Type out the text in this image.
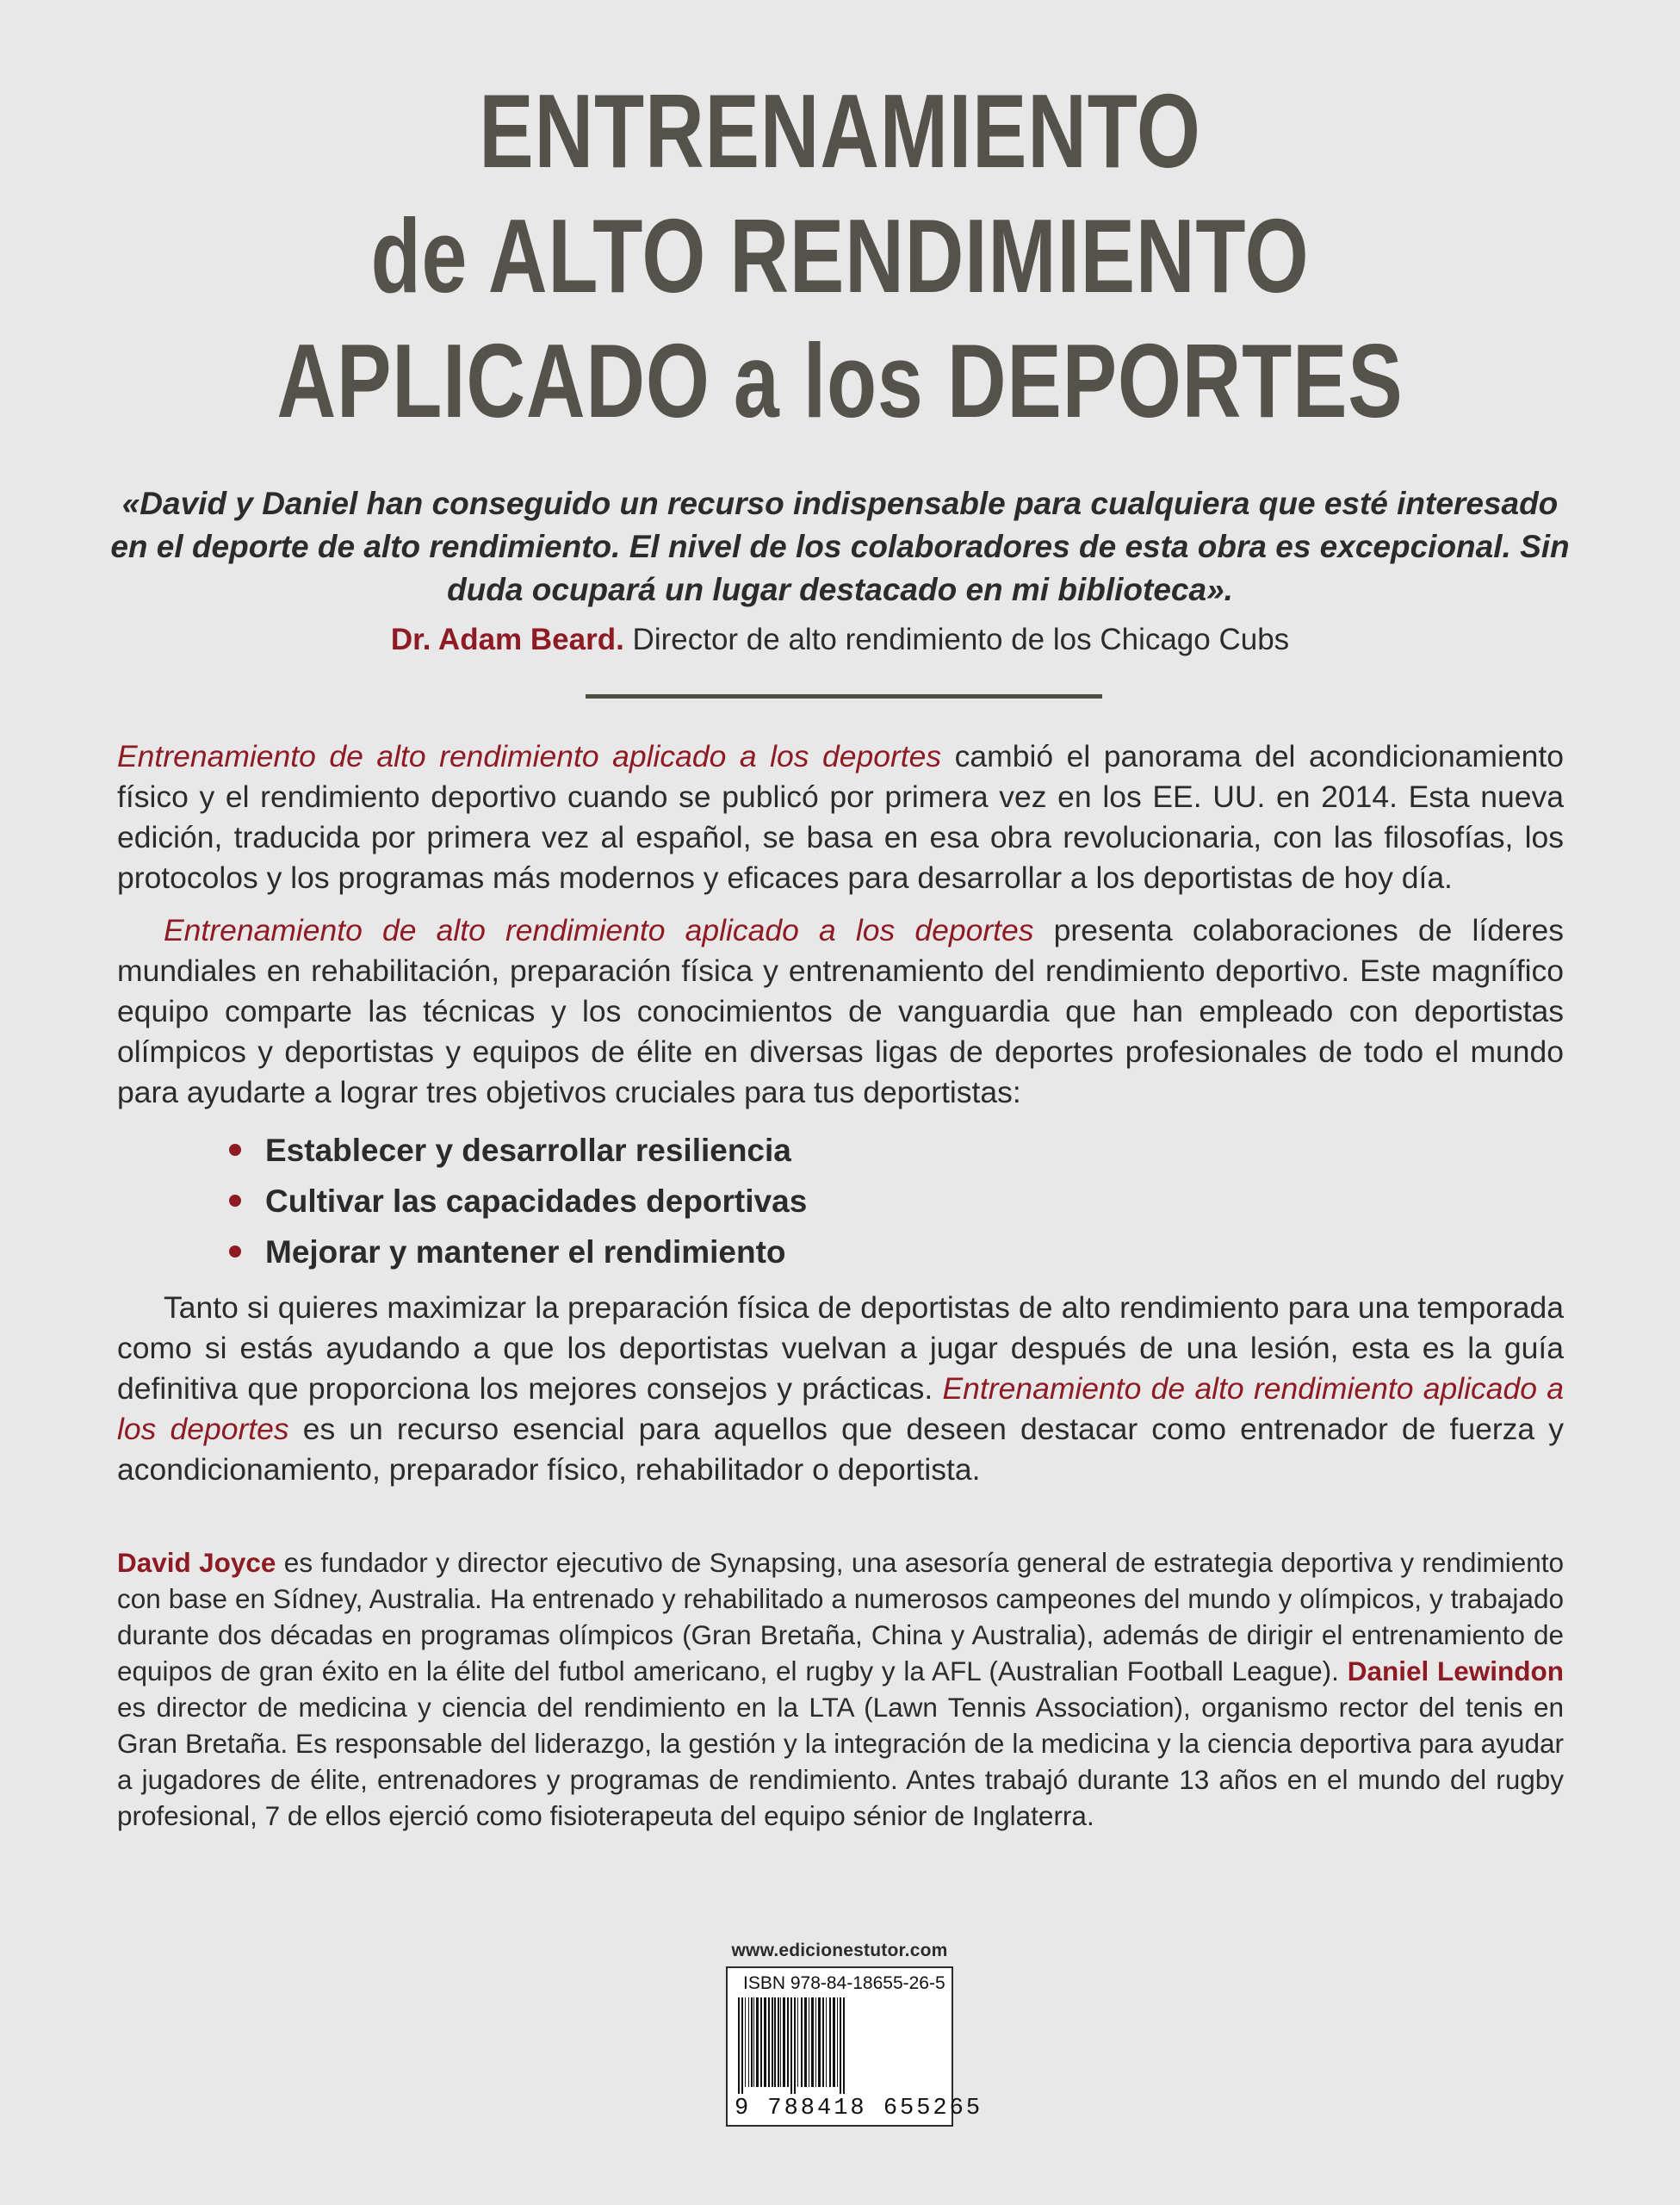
ENTRENAMIENTO
de ALTO RENDIMIENTO
APLICADO a los DEPORTES
«David y Daniel han conseguido un recurso indispensable para cualquiera que esté interesado en el deporte de alto rendimiento. El nivel de los colaboradores de esta obra es excepcional. Sin duda ocupará un lugar destacado en mi biblioteca».
Dr. Adam Beard. Director de alto rendimiento de los Chicago Cubs

Entrenamiento de alto rendimiento aplicado a los deportes cambió el panorama del acondicionamiento físico y el rendimiento deportivo cuando se publicó por primera vez en los EE. UU. en 2014. Esta nueva edición, traducida por primera vez al español, se basa en esa obra revolucionaria, con las filosofías, los protocolos y los programas más modernos y eficaces para desarrollar a los deportistas de hoy día.

Entrenamiento de alto rendimiento aplicado a los deportes presenta colaboraciones de líderes mundiales en rehabilitación, preparación física y entrenamiento del rendimiento deportivo. Este magnífico equipo comparte las técnicas y los conocimientos de vanguardia que han empleado con deportistas olímpicos y deportistas y equipos de élite en diversas ligas de deportes profesionales de todo el mundo para ayudarte a lograr tres objetivos cruciales para tus deportistas:

Establecer y desarrollar resiliencia
Cultivar las capacidades deportivas
Mejorar y mantener el rendimiento

Tanto si quieres maximizar la preparación física de deportistas de alto rendimiento para una temporada como si estás ayudando a que los deportistas vuelvan a jugar después de una lesión, esta es la guía definitiva que proporciona los mejores consejos y prácticas. Entrenamiento de alto rendimiento aplicado a los deportes es un recurso esencial para aquellos que deseen destacar como entrenador de fuerza y acondicionamiento, preparador físico, rehabilitador o deportista.

David Joyce es fundador y director ejecutivo de Synapsing, una asesoría general de estrategia deportiva y rendimiento con base en Sídney, Australia. Ha entrenado y rehabilitado a numerosos campeones del mundo y olímpicos, y trabajado durante dos décadas en programas olímpicos (Gran Bretaña, China y Australia), además de dirigir el entrenamiento de equipos de gran éxito en la élite del futbol americano, el rugby y la AFL (Australian Football League). Daniel Lewindon es director de medicina y ciencia del rendimiento en la LTA (Lawn Tennis Association), organismo rector del tenis en Gran Bretaña. Es responsable del liderazgo, la gestión y la integración de la medicina y la ciencia deportiva para ayudar a jugadores de élite, entrenadores y programas de rendimiento. Antes trabajó durante 13 años en el mundo del rugby profesional, 7 de ellos ejerció como fisioterapeuta del equipo sénior de Inglaterra.
www.edicionestutor.com
ISBN 978-84-18655-26-5
9 788418 655265
